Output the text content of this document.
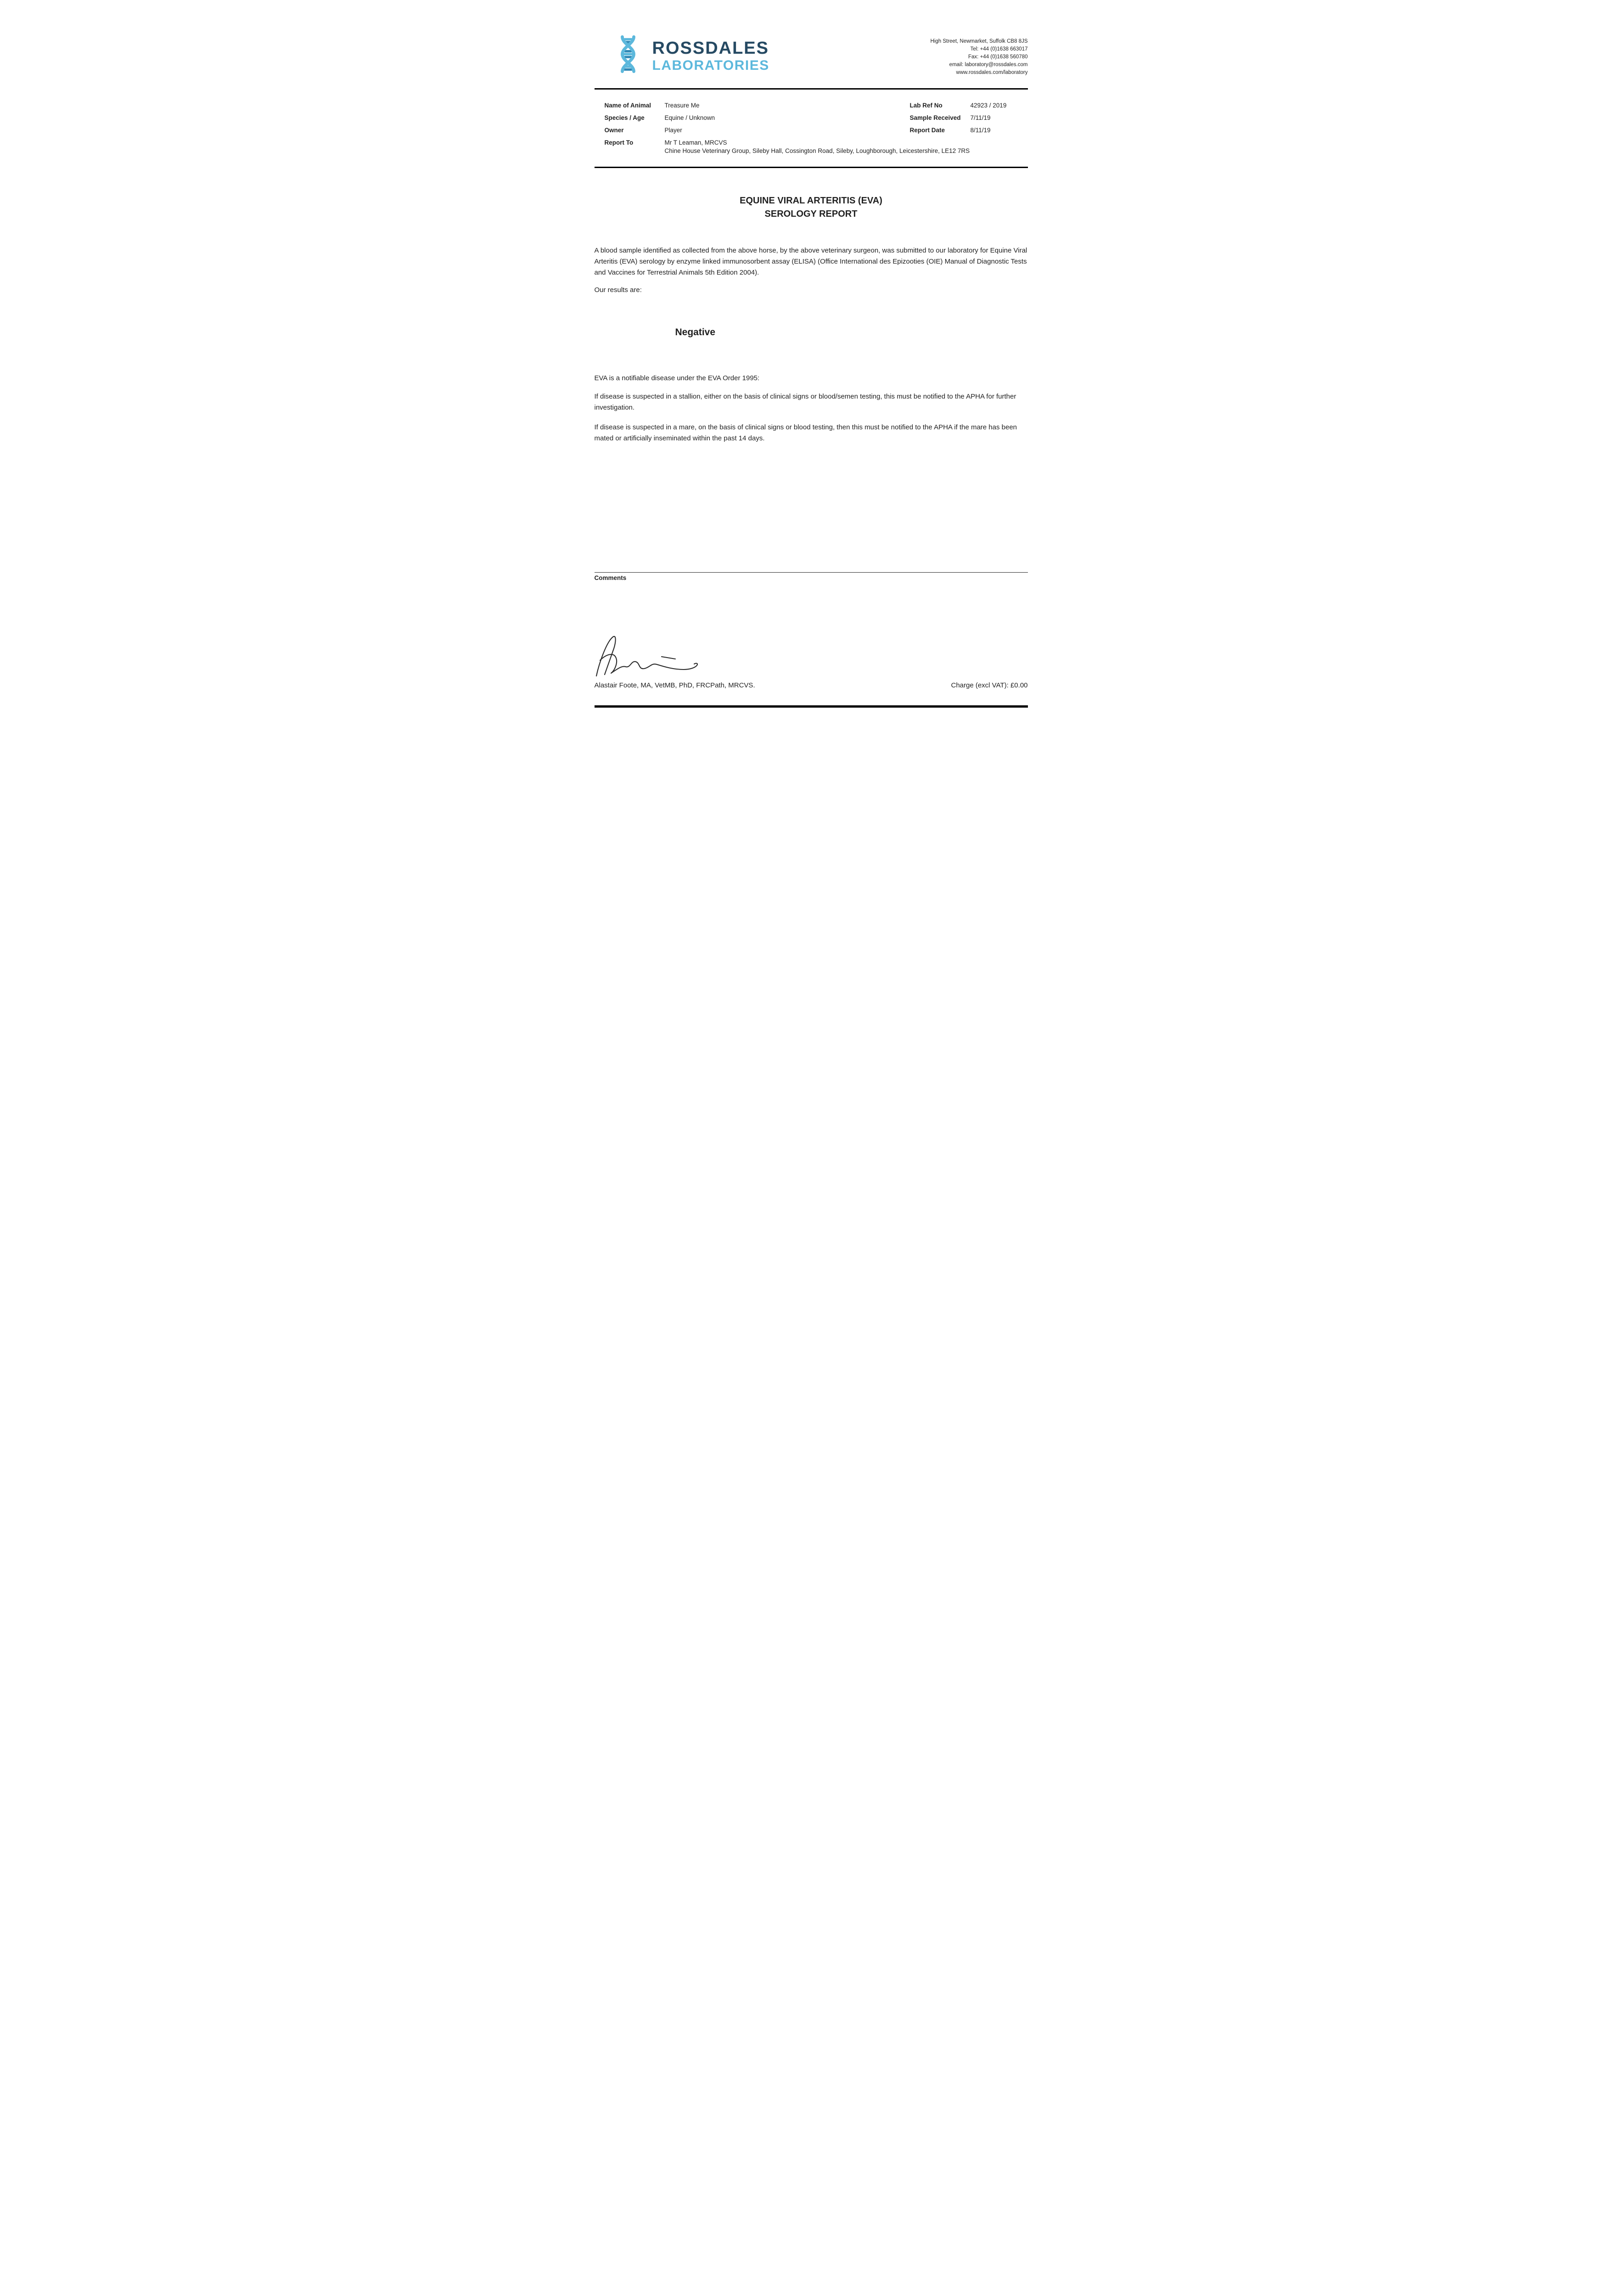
ROSSDALES
LABORATORIES
High Street, Newmarket, Suffolk CB8 8JS
Tel: +44 (0)1638 663017
Fax: +44 (0)1638 560780
email: laboratory@rossdales.com
www.rossdales.com/laboratory
Name of Animal	Treasure Me
Species / Age	Equine / Unknown
Owner	Player
Report To	Mr T Leaman, MRCVS
Chine House Veterinary Group, Sileby Hall, Cossington Road, Sileby, Loughborough, Leicestershire, LE12 7RS
Lab Ref No	42923 / 2019
Sample Received	7/11/19
Report Date	8/11/19
EQUINE VIRAL ARTERITIS (EVA)
SEROLOGY REPORT
A blood sample identified as collected from the above horse, by the above veterinary surgeon, was submitted to our laboratory for Equine Viral Arteritis (EVA) serology by enzyme linked immunosorbent assay (ELISA) (Office International des Epizooties (OIE) Manual of Diagnostic Tests and Vaccines for Terrestrial Animals 5th Edition 2004).
Our results are:
Negative
EVA is a notifiable disease under the EVA Order 1995:
If disease is suspected in a stallion, either on the basis of clinical signs or blood/semen testing, this must be notified to the APHA for further investigation.
If disease is suspected in a mare, on the basis of clinical signs or blood testing, then this must be notified to the APHA if the mare has been mated or artificially inseminated within the past 14 days.
Comments
Alastair Foote, MA, VetMB, PhD, FRCPath, MRCVS.	Charge (excl VAT): £0.00
